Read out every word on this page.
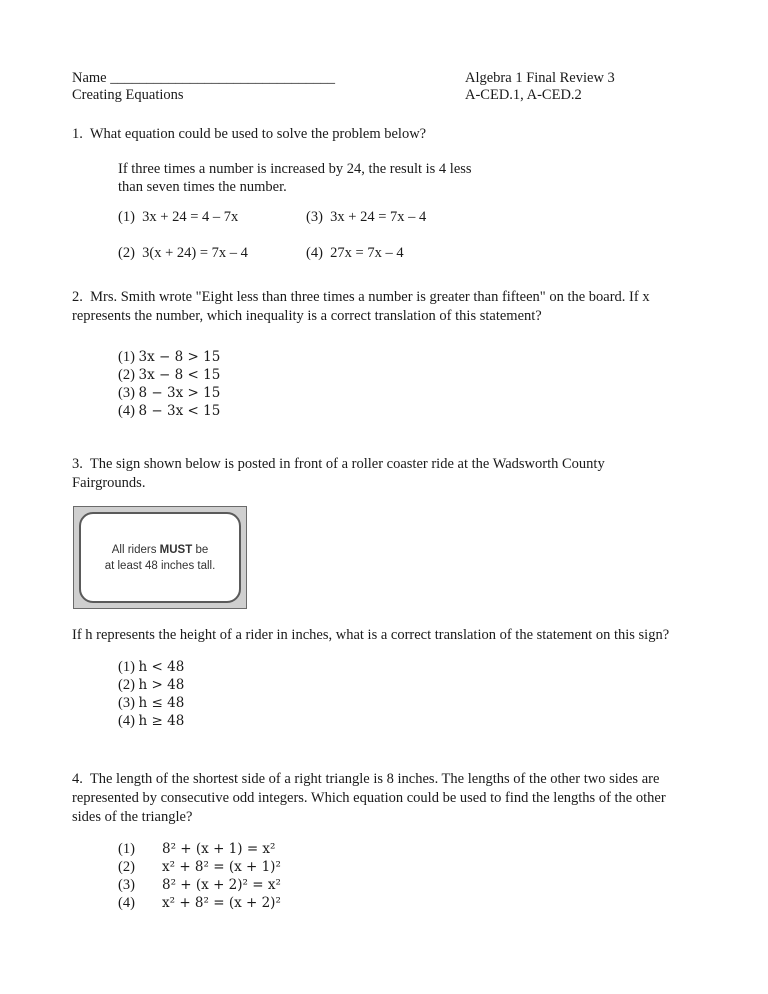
Name _______________________________
Creating Equations
Algebra 1 Final Review 3
A-CED.1, A-CED.2
1. What equation could be used to solve the problem below?
If three times a number is increased by 24, the result is 4 less
than seven times the number.
(1) 3x + 24 = 4 – 7x
(2) 3(x + 24) = 7x – 4
(3) 3x + 24 = 7x – 4
(4) 27x = 7x – 4
2. Mrs. Smith wrote "Eight less than three times a number is greater than fifteen" on the board. If x
represents the number, which inequality is a correct translation of this statement?
(1) 3x − 8 > 15
(2) 3x − 8 < 15
(3) 8 − 3x > 15
(4) 8 − 3x < 15
3. The sign shown below is posted in front of a roller coaster ride at the Wadsworth County
Fairgrounds.
All riders MUST be
at least 48 inches tall.
If h represents the height of a rider in inches, what is a correct translation of the statement on this sign?
(1) h < 48
(2) h > 48
(3) h ≤ 48
(4) h ≥ 48
4. The length of the shortest side of a right triangle is 8 inches. The lengths of the other two sides are
represented by consecutive odd integers. Which equation could be used to find the lengths of the other
sides of the triangle?
(1) 8² + (x + 1) = x²
(2) x² + 8² = (x + 1)²
(3) 8² + (x + 2)² = x²
(4) x² + 8² = (x + 2)²
